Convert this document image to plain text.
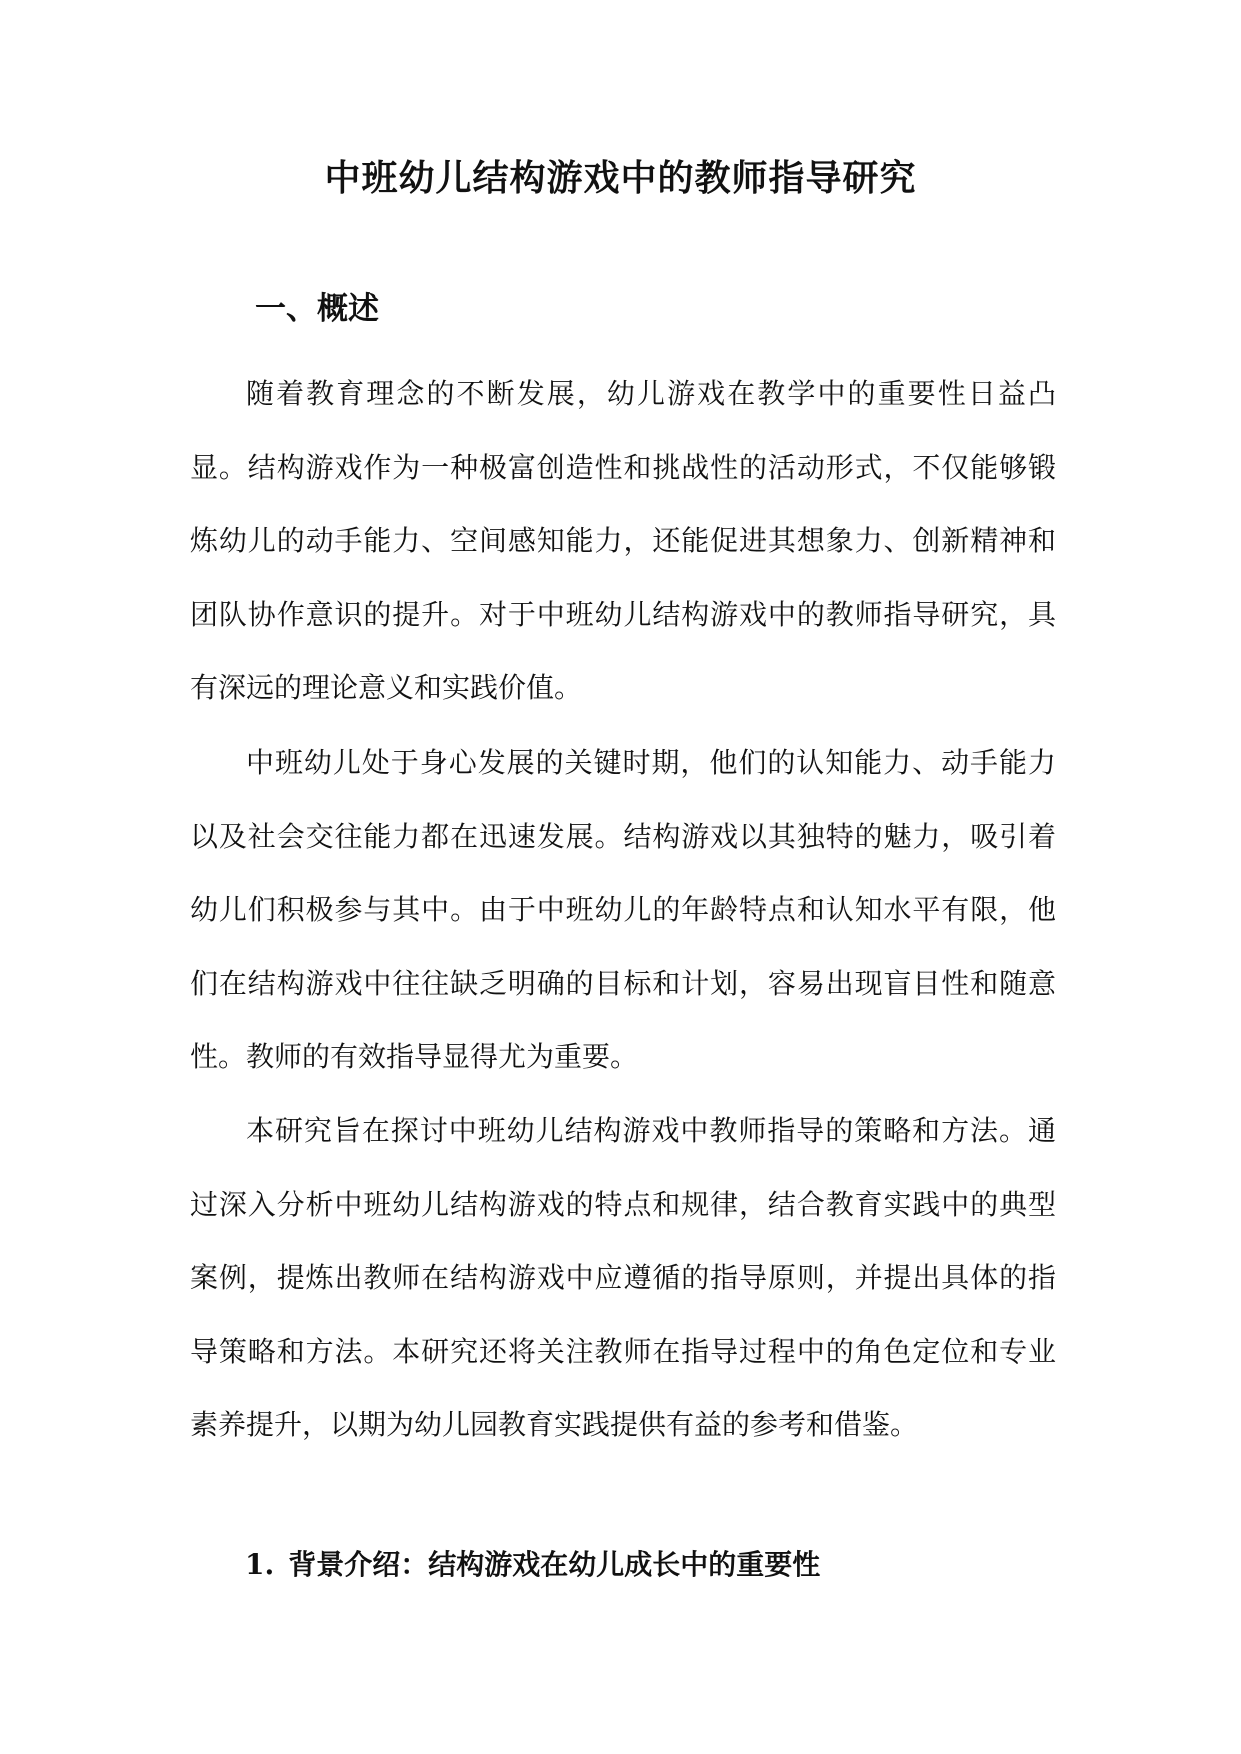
中班幼儿结构游戏中的教师指导研究
一、概述

随着教育理念的不断发展，幼儿游戏在教学中的重要性日益凸显。结构游戏作为一种极富创造性和挑战性的活动形式，不仅能够锻炼幼儿的动手能力、空间感知能力，还能促进其想象力、创新精神和团队协作意识的提升。对于中班幼儿结构游戏中的教师指导研究，具有深远的理论意义和实践价值。

中班幼儿处于身心发展的关键时期，他们的认知能力、动手能力以及社会交往能力都在迅速发展。结构游戏以其独特的魅力，吸引着幼儿们积极参与其中。由于中班幼儿的年龄特点和认知水平有限，他们在结构游戏中往往缺乏明确的目标和计划，容易出现盲目性和随意性。教师的有效指导显得尤为重要。

本研究旨在探讨中班幼儿结构游戏中教师指导的策略和方法。通过深入分析中班幼儿结构游戏的特点和规律，结合教育实践中的典型案例，提炼出教师在结构游戏中应遵循的指导原则，并提出具体的指导策略和方法。本研究还将关注教师在指导过程中的角色定位和专业素养提升，以期为幼儿园教育实践提供有益的参考和借鉴。

1. 背景介绍：结构游戏在幼儿成长中的重要性
